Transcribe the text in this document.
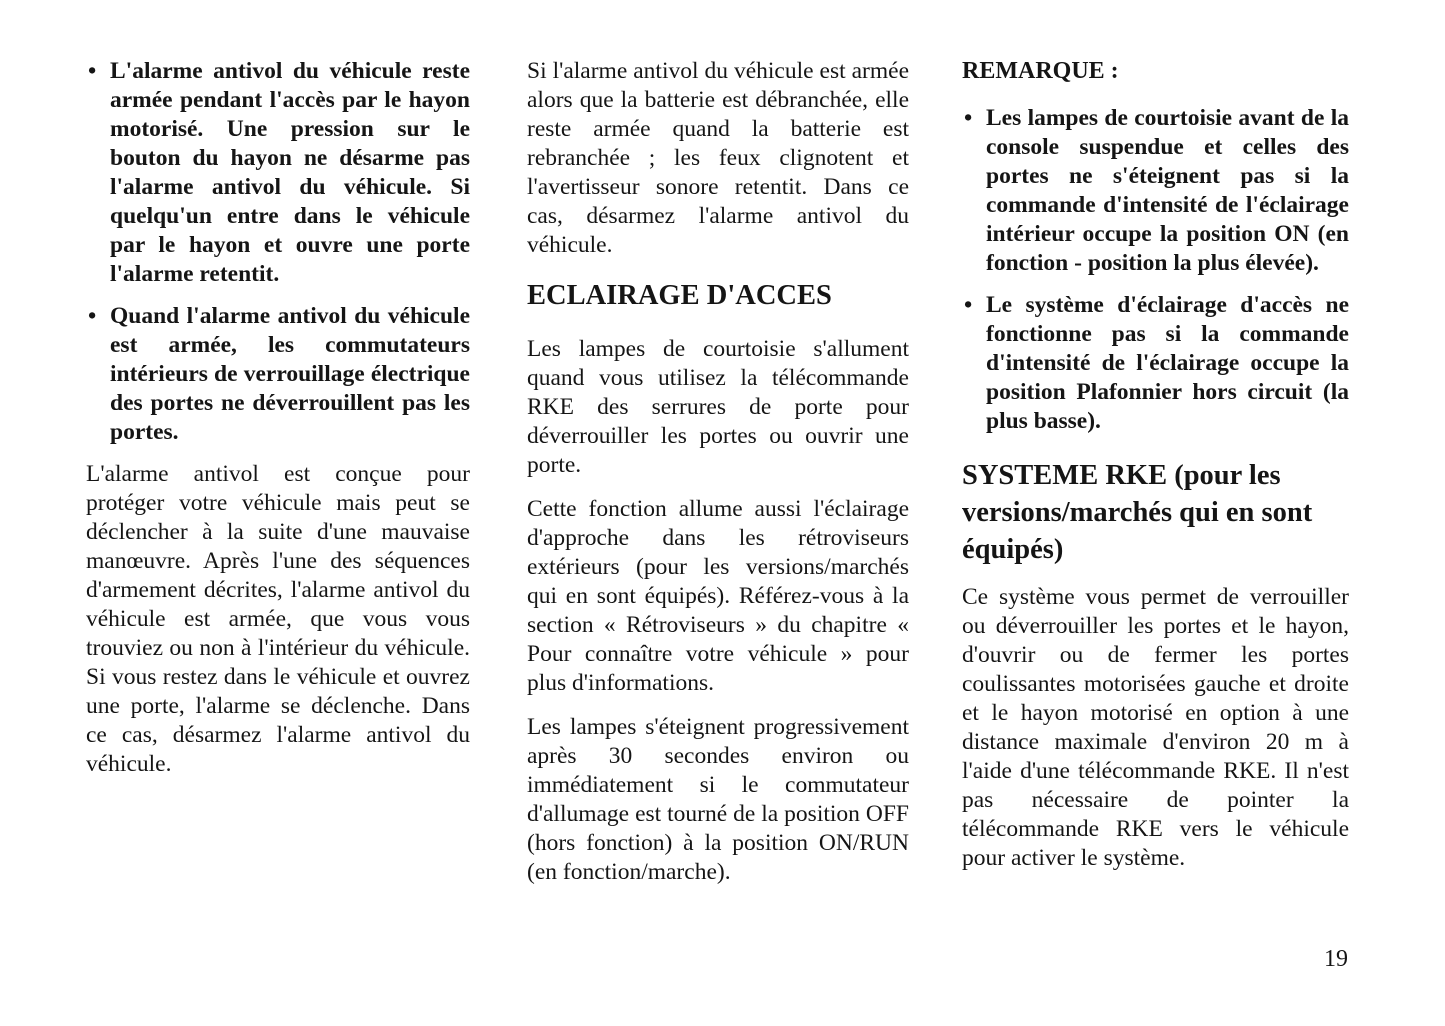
• L'alarme antivol du véhicule reste armée pendant l'accès par le hayon motorisé. Une pression sur le bouton du hayon ne désarme pas l'alarme antivol du véhicule. Si quelqu'un entre dans le véhicule par le hayon et ouvre une porte l'alarme retentit.
• Quand l'alarme antivol du véhicule est armée, les commutateurs intérieurs de verrouillage électrique des portes ne déverrouillent pas les portes.

L'alarme antivol est conçue pour protéger votre véhicule mais peut se déclencher à la suite d'une mauvaise manœuvre. Après l'une des séquences d'armement décrites, l'alarme antivol du véhicule est armée, que vous vous trouviez ou non à l'intérieur du véhicule. Si vous restez dans le véhicule et ouvrez une porte, l'alarme se déclenche. Dans ce cas, désarmez l'alarme antivol du véhicule.

Si l'alarme antivol du véhicule est armée alors que la batterie est débranchée, elle reste armée quand la batterie est rebranchée ; les feux clignotent et l'avertisseur sonore retentit. Dans ce cas, désarmez l'alarme antivol du véhicule.

ECLAIRAGE D'ACCES

Les lampes de courtoisie s'allument quand vous utilisez la télécommande RKE des serrures de porte pour déverrouiller les portes ou ouvrir une porte.

Cette fonction allume aussi l'éclairage d'approche dans les rétroviseurs extérieurs (pour les versions/marchés qui en sont équipés). Référez-vous à la section « Rétroviseurs » du chapitre « Pour connaître votre véhicule » pour plus d'informations.

Les lampes s'éteignent progressivement après 30 secondes environ ou immédiatement si le commutateur d'allumage est tourné de la position OFF (hors fonction) à la position ON/RUN (en fonction/marche).

REMARQUE :
• Les lampes de courtoisie avant de la console suspendue et celles des portes ne s'éteignent pas si la commande d'intensité de l'éclairage intérieur occupe la position ON (en fonction - position la plus élevée).
• Le système d'éclairage d'accès ne fonctionne pas si la commande d'intensité de l'éclairage occupe la position Plafonnier hors circuit (la plus basse).
SYSTEME RKE (pour les versions/marchés qui en sont équipés)

Ce système vous permet de verrouiller ou déverrouiller les portes et le hayon, d'ouvrir ou de fermer les portes coulissantes motorisées gauche et droite et le hayon motorisé en option à une distance maximale d'environ 20 m à l'aide d'une télécommande RKE. Il n'est pas nécessaire de pointer la télécommande RKE vers le véhicule pour activer le système.

19
